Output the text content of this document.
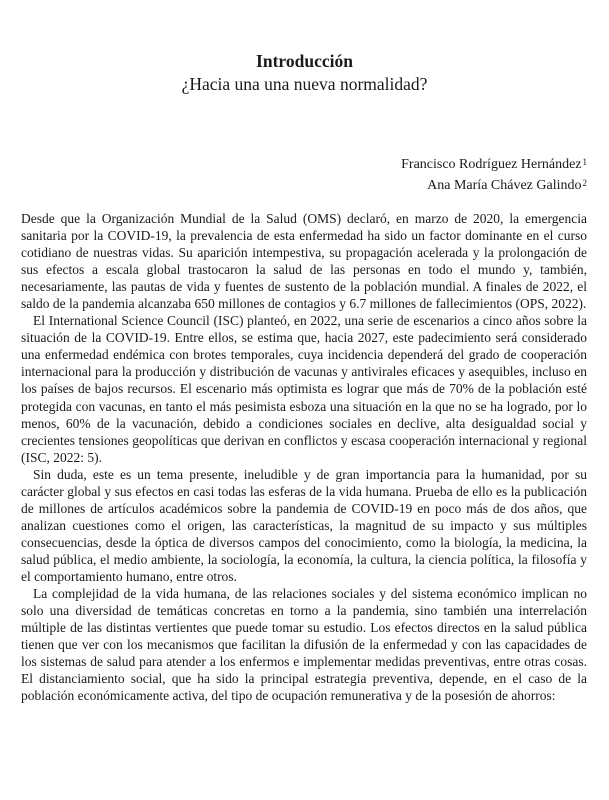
Introducción
¿Hacia una una nueva normalidad?
Francisco Rodríguez Hernández$^1$
Ana María Chávez Galindo$^2$

Desde que la Organización Mundial de la Salud (OMS) declaró, en marzo de 2020, la emergencia sanitaria por la COVID-19, la prevalencia de esta enfermedad ha sido un factor dominante en el curso cotidiano de nuestras vidas. Su aparición intempestiva, su propagación acelerada y la prolongación de sus efectos a escala global trastocaron la salud de las personas en todo el mundo y, también, necesariamente, las pautas de vida y fuentes de sustento de la población mundial. A finales de 2022, el saldo de la pandemia alcanzaba 650 millones de contagios y 6.7 millones de fallecimientos (OPS, 2022).

El International Science Council (ISC) planteó, en 2022, una serie de escenarios a cinco años sobre la situación de la COVID-19. Entre ellos, se estima que, hacia 2027, este padecimiento será considerado una enfermedad endémica con brotes temporales, cuya incidencia dependerá del grado de cooperación internacional para la producción y distribución de vacunas y antivirales eficaces y asequibles, incluso en los países de bajos recursos. El escenario más optimista es lograr que más de 70% de la población esté protegida con vacunas, en tanto el más pesimista esboza una situación en la que no se ha logrado, por lo menos, 60% de la vacunación, debido a condiciones sociales en declive, alta desigualdad social y crecientes tensiones geopolíticas que derivan en conflictos y escasa cooperación internacional y regional (ISC, 2022: 5).

Sin duda, este es un tema presente, ineludible y de gran importancia para la humanidad, por su carácter global y sus efectos en casi todas las esferas de la vida humana. Prueba de ello es la publicación de millones de artículos académicos sobre la pandemia de COVID-19 en poco más de dos años, que analizan cuestiones como el origen, las características, la magnitud de su impacto y sus múltiples consecuencias, desde la óptica de diversos campos del conocimiento, como la biología, la medicina, la salud pública, el medio ambiente, la sociología, la economía, la cultura, la ciencia política, la filosofía y el comportamiento humano, entre otros.

La complejidad de la vida humana, de las relaciones sociales y del sistema económico implican no solo una diversidad de temáticas concretas en torno a la pandemia, sino también una interrelación múltiple de las distintas vertientes que puede tomar su estudio. Los efectos directos en la salud pública tienen que ver con los mecanismos que facilitan la difusión de la enfermedad y con las capacidades de los sistemas de salud para atender a los enfermos e implementar medidas preventivas, entre otras cosas. El distanciamiento social, que ha sido la principal estrategia preventiva, depende, en el caso de la población económicamente activa, del tipo de ocupación remunerativa y de la posesión de ahorros:
